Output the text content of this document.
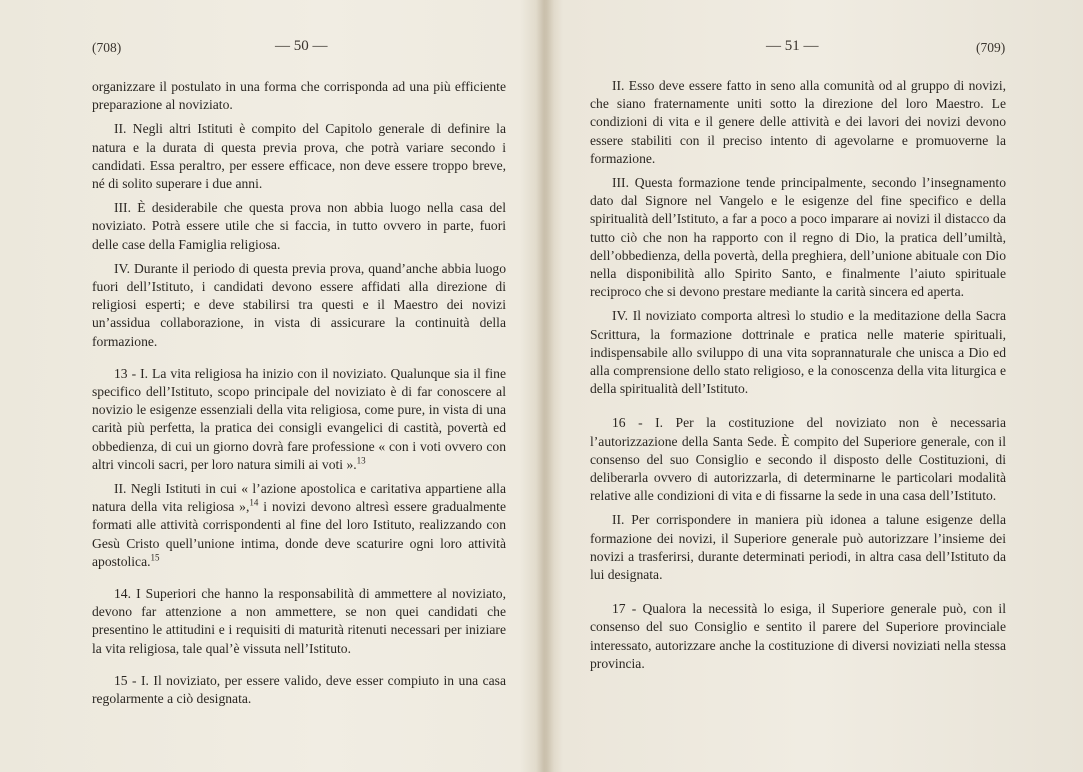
(708)	— 50 —

organizzare il postulato in una forma che corrisponda ad una più efficiente preparazione al noviziato.

II. Negli altri Istituti è compito del Capitolo generale di definire la natura e la durata di questa previa prova, che potrà variare secondo i candidati. Essa peraltro, per essere efficace, non deve essere troppo breve, né di solito superare i due anni.

III. È desiderabile che questa prova non abbia luogo nella casa del noviziato. Potrà essere utile che si faccia, in tutto ovvero in parte, fuori delle case della Famiglia religiosa.

IV. Durante il periodo di questa previa prova, quand’anche abbia luogo fuori dell’Istituto, i candidati devono essere affidati alla direzione di religiosi esperti; e deve stabilirsi tra questi e il Maestro dei novizi un’assidua collaborazione, in vista di assicurare la continuità della formazione.

13 - I. La vita religiosa ha inizio con il noviziato. Qualunque sia il fine specifico dell’Istituto, scopo principale del noviziato è di far conoscere al novizio le esigenze essenziali della vita religiosa, come pure, in vista di una carità più perfetta, la pratica dei consigli evangelici di castità, povertà ed obbedienza, di cui un giorno dovrà fare professione « con i voti ovvero con altri vincoli sacri, per loro natura simili ai voti ».$^{13}$

II. Negli Istituti in cui « l’azione apostolica e caritativa appartiene alla natura della vita religiosa »,$^{14}$ i novizi devono altresì essere gradualmente formati alle attività corrispondenti al fine del loro Istituto, realizzando con Gesù Cristo quell’unione intima, donde deve scaturire ogni loro attività apostolica.$^{15}$

14. I Superiori che hanno la responsabilità di ammettere al noviziato, devono far attenzione a non ammettere, se non quei candidati che presentino le attitudini e i requisiti di maturità ritenuti necessari per iniziare la vita religiosa, tale qual’è vissuta nell’Istituto.

15 - I. Il noviziato, per essere valido, deve esser compiuto in una casa regolarmente a ciò designata.

— 51 —	(709)

II. Esso deve essere fatto in seno alla comunità od al gruppo di novizi, che siano fraternamente uniti sotto la direzione del loro Maestro. Le condizioni di vita e il genere delle attività e dei lavori dei novizi devono essere stabiliti con il preciso intento di agevolarne e promuoverne la formazione.

III. Questa formazione tende principalmente, secondo l’insegnamento dato dal Signore nel Vangelo e le esigenze del fine specifico e della spiritualità dell’Istituto, a far a poco a poco imparare ai novizi il distacco da tutto ciò che non ha rapporto con il regno di Dio, la pratica dell’umiltà, dell’obbedienza, della povertà, della preghiera, dell’unione abituale con Dio nella disponibilità allo Spirito Santo, e finalmente l’aiuto spirituale reciproco che si devono prestare mediante la carità sincera ed aperta.

IV. Il noviziato comporta altresì lo studio e la meditazione della Sacra Scrittura, la formazione dottrinale e pratica nelle materie spirituali, indispensabile allo sviluppo di una vita soprannaturale che unisca a Dio ed alla comprensione dello stato religioso, e la conoscenza della vita liturgica e della spiritualità dell’Istituto.

16 - I. Per la costituzione del noviziato non è necessaria l’autorizzazione della Santa Sede. È compito del Superiore generale, con il consenso del suo Consiglio e secondo il disposto delle Costituzioni, di deliberarla ovvero di autorizzarla, di determinarne le particolari modalità relative alle condizioni di vita e di fissarne la sede in una casa dell’Istituto.

II. Per corrispondere in maniera più idonea a talune esigenze della formazione dei novizi, il Superiore generale può autorizzare l’insieme dei novizi a trasferirsi, durante determinati periodi, in altra casa dell’Istituto da lui designata.

17 - Qualora la necessità lo esiga, il Superiore generale può, con il consenso del suo Consiglio e sentito il parere del Superiore provinciale interessato, autorizzare anche la costituzione di diversi noviziati nella stessa provincia.
